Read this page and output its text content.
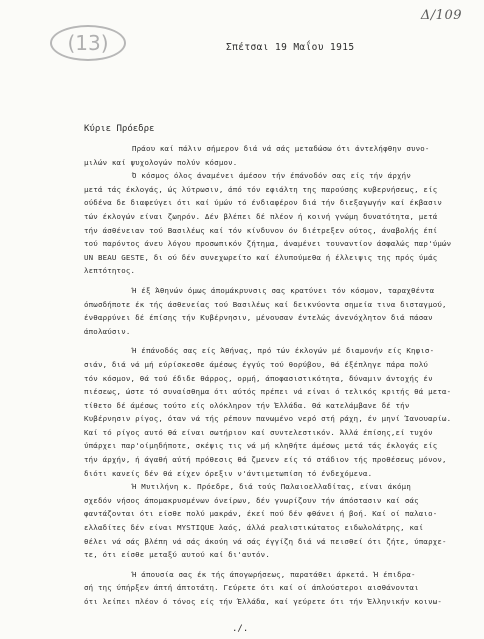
(13)
Δ/109
Σπέτσαι 19 Μαΐου 1915
Κύριε Πρόεδρε
Πράου καί πάλιν σήμερον διά νά σάς μεταδώσω ότι άντελήφθην συνο-
μιλών καί ψυχολογών πολύν κόσμον.
Ό κόσμος όλος άναμένει άμέσον τήν έπάνοδόν σας είς τήν άρχήν
μετά τάς έκλογάς, ώς λύτρωσιν, άπό τόν εφιάλτη της παρούσης κυβερνήσεως, είς
ούδένα δε διαφεύγει ότι καί ύμών τό ένδιαφέρον διά τήν διεξαγωγήν καί έκβασιν
τών έκλογών είναι ζωηρόν. Δέν βλέπει δέ πλέον ή κοινή γνώμη δυνατότητα, μετά
τήν άσθένειαν τού Βασιλέως καί τόν κίνδυνον όν διέτρεξεν ούτος, άναβολής έπί
τού παρόντος άνευ λόγου προσωπικόν ζήτημα, άναμένει τουναντίον άσφαλώς παρ'ύμών
UN BEAU GESTE, δι ού δέν συνεχωρείτο καί έλυπούμεθα ή έλλειψις της πρός ύμάς
λεπτότητος.
Ή έξ Άθηνών όμως άπομάκρυνσις σας κρατύνει τόν κόσμον, ταραχθέντα
όπωσδήποτε έκ τής άσθενείας τού Βασιλέως καί δεικνύοντα σημεία τινα δισταγμού,
ένθαρρύνει δέ έπίσης τήν Κυβέρνησιν, μένουσαν έντελώς άνενόχλητον διά πάσαν
άπολαύσιν.
Ή έπάνοδός σας είς Άθήνας, πρό τών έκλογών μέ διαμονήν είς Κηφισ-
σιάν, διά νά μή εύρίσκεσθε άμέσως έγγύς τού θορύβου, θά έξέπληγε πάρα πολύ
τόν κόσμον, θά τού έδιδε θάρρος, ορμή, άποφασιστικότητα, δύναμιν άντοχής έν
πιέσεως, ώστε τό συναίσθημα ότι αύτός πρέπει νά είναι ό τελικός κριτής θά μετα-
τίθετο δέ άμέσως τούτο είς ολόκληρον τήν Έλλάδα. Θά κατελάμβανε δέ τήν
Κυβέρνησιν ρίγος, όταν νά τής ρέπουν πανωμένο νερό στή ράχη, έν μηνί Ίανουαρίω.
Καί τό ρίγος αυτό θά είναι σωτήριον καί συντελεστικόν. Άλλά έπίσης,εί τυχόν
ύπάρχει παρ'οίμηδήποτε, σκέψις τις νά μή κληθήτε άμέσως μετά τάς έκλογάς είς
τήν άρχήν, ή άγαθή αύτή πρόθεσις θά ζμενεν είς τό στάδιον τής προθέσεως μόνον,
διότι κανείς δέν θά είχεν όρεξιν ν'άντιμετωπίση τό ένδεχόμενα.
Ή Μυτιλήνη κ. Πρόεδρε, διά τούς Παλαιοελλαδίτας, είναι άκόμη
σχεδόν νήσος άπομακρυσμένων όνείρων, δέν γνωρίζουν τήν άπόστασιν καί σάς
φαντάζονται ότι είσθε πολύ μακράν, έκεί πού δέν φθάνει ή βοή. Καί οί παλαιο-
ελλαδίτες δέν είναι MYSTIQUE λαός, άλλά ρεαλιστικώτατος ειδωλολάτρης, καί
θέλει νά σάς βλέπη νά σάς άκούη νά σάς έγγίζη διά νά πεισθεί ότι ζήτε, ύπαρχε-
τε, ότι είσθε μεταξύ αυτού καί δι'αυτόν.
Ή άπουσία σας έκ τής άπογωρήσεως, παρατάθει άρκετά. Ή έπιδρα-
σή της ύπήρξεν άπτή άπτοτάτη. Γεύρετε ότι καί οί άπλούστεροι αισθάνονται
ότι λείπει πλέον ό τόνος είς τήν Έλλάδα, καί γεύρετε ότι τήν Έλληνικήν κοινω-
./.
